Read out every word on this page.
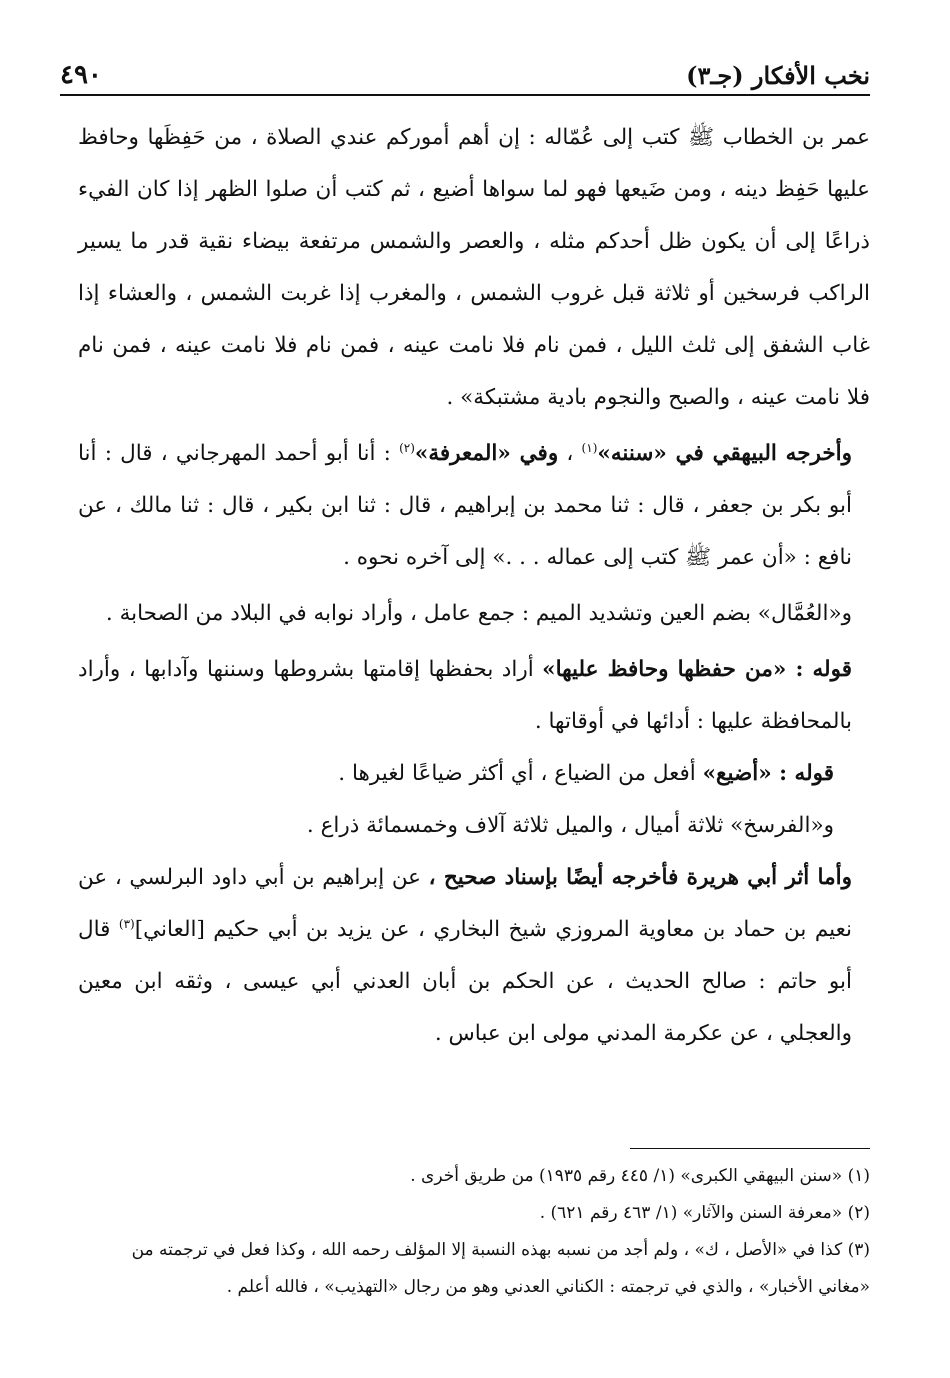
نخب الأفكار (جـ٣)
٤٩٠

عمر بن الخطاب ﷺ كتب إلى عُمّاله : إن أهم أموركم عندي الصلاة ، من حَفِظَها وحافظ عليها حَفِظ دينه ، ومن ضَيعها فهو لما سواها أضيع ، ثم كتب أن صلوا الظهر إذا كان الفيء ذراعًا إلى أن يكون ظل أحدكم مثله ، والعصر والشمس مرتفعة بيضاء نقية قدر ما يسير الراكب فرسخين أو ثلاثة قبل غروب الشمس ، والمغرب إذا غربت الشمس ، والعشاء إذا غاب الشفق إلى ثلث الليل ، فمن نام فلا نامت عينه ، فمن نام فلا نامت عينه ، فمن نام فلا نامت عينه ، والصبح والنجوم بادية مشتبكة» .

وأخرجه البيهقي في «سننه»$^{(١)}$ ، وفي «المعرفة»$^{(٢)}$ : أنا أبو أحمد المهرجاني ، قال : أنا أبو بكر بن جعفر ، قال : ثنا محمد بن إبراهيم ، قال : ثنا ابن بكير ، قال : ثنا مالك ، عن نافع : «أن عمر ﷺ كتب إلى عماله . . .» إلى آخره نحوه .

و«العُمَّال» بضم العين وتشديد الميم : جمع عامل ، وأراد نوابه في البلاد من الصحابة .

قوله : «من حفظها وحافظ عليها» أراد بحفظها إقامتها بشروطها وسننها وآدابها ، وأراد بالمحافظة عليها : أدائها في أوقاتها .

قوله : «أضيع» أفعل من الضياع ، أي أكثر ضياعًا لغيرها .

و«الفرسخ» ثلاثة أميال ، والميل ثلاثة آلاف وخمسمائة ذراع .

وأما أثر أبي هريرة فأخرجه أيضًا بإسناد صحيح ، عن إبراهيم بن أبي داود البرلسي ، عن نعيم بن حماد بن معاوية المروزي شيخ البخاري ، عن يزيد بن أبي حكيم [العاني]$^{(٣)}$ قال أبو حاتم : صالح الحديث ، عن الحكم بن أبان العدني أبي عيسى ، وثقه ابن معين والعجلي ، عن عكرمة المدني مولى ابن عباس .

(١) «سنن البيهقي الكبرى» (١/ ٤٤٥ رقم ١٩٣٥) من طريق أخرى .

(٢) «معرفة السنن والآثار» (١/ ٤٦٣ رقم ٦٢١) .

(٣) كذا في «الأصل ، ك» ، ولم أجد من نسبه بهذه النسبة إلا المؤلف رحمه الله ، وكذا فعل في ترجمته من «مغاني الأخبار» ، والذي في ترجمته : الكناني العدني وهو من رجال «التهذيب» ، فالله أعلم .
